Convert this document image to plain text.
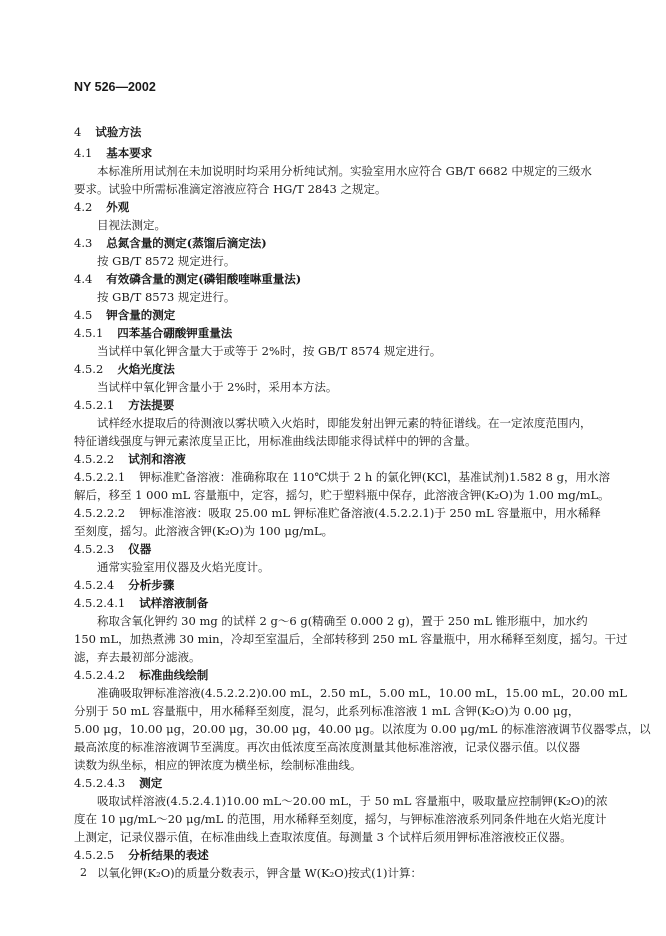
NY 526—2002
4 试验方法
4.1 基本要求
本标准所用试剂在未加说明时均采用分析纯试剂。实验室用水应符合 GB/T 6682 中规定的三级水
要求。试验中所需标准滴定溶液应符合 HG/T 2843 之规定。
4.2 外观
目视法测定。
4.3 总氮含量的测定(蒸馏后滴定法)
按 GB/T 8572 规定进行。
4.4 有效磷含量的测定(磷钼酸喹啉重量法)
按 GB/T 8573 规定进行。
4.5 钾含量的测定
4.5.1 四苯基合硼酸钾重量法
当试样中氧化钾含量大于或等于 2%时，按 GB/T 8574 规定进行。
4.5.2 火焰光度法
当试样中氧化钾含量小于 2%时，采用本方法。
4.5.2.1 方法提要
试样经水提取后的待测液以雾状喷入火焰时，即能发射出钾元素的特征谱线。在一定浓度范围内，
特征谱线强度与钾元素浓度呈正比，用标准曲线法即能求得试样中的钾的含量。
4.5.2.2 试剂和溶液
4.5.2.2.1 钾标准贮备溶液：准确称取在 110℃烘于 2 h 的氯化钾(KCl，基准试剂)1.582 8 g，用水溶
解后，移至 1 000 mL 容量瓶中，定容，摇匀，贮于塑料瓶中保存，此溶液含钾(K₂O)为 1.00 mg/mL。
4.5.2.2.2 钾标准溶液：吸取 25.00 mL 钾标准贮备溶液(4.5.2.2.1)于 250 mL 容量瓶中，用水稀释
至刻度，摇匀。此溶液含钾(K₂O)为 100 μg/mL。
4.5.2.3 仪器
通常实验室用仪器及火焰光度计。
4.5.2.4 分析步骤
4.5.2.4.1 试样溶液制备
称取含氧化钾约 30 mg 的试样 2 g～6 g(精确至 0.000 2 g)，置于 250 mL 锥形瓶中，加水约
150 mL，加热煮沸 30 min，冷却至室温后，全部转移到 250 mL 容量瓶中，用水稀释至刻度，摇匀。干过
滤，弃去最初部分滤液。
4.5.2.4.2 标准曲线绘制
准确吸取钾标准溶液(4.5.2.2.2)0.00 mL，2.50 mL，5.00 mL，10.00 mL，15.00 mL，20.00 mL
分别于 50 mL 容量瓶中，用水稀释至刻度，混匀，此系列标准溶液 1 mL 含钾(K₂O)为 0.00 μg，
5.00 μg，10.00 μg，20.00 μg，30.00 μg，40.00 μg。以浓度为 0.00 μg/mL 的标准溶液调节仪器零点，以
最高浓度的标准溶液调节至满度。再次由低浓度至高浓度测量其他标准溶液，记录仪器示值。以仪器
读数为纵坐标，相应的钾浓度为横坐标，绘制标准曲线。
4.5.2.4.3 测定
吸取试样溶液(4.5.2.4.1)10.00 mL～20.00 mL，于 50 mL 容量瓶中，吸取量应控制钾(K₂O)的浓
度在 10 μg/mL～20 μg/mL 的范围，用水稀释至刻度，摇匀，与钾标准溶液系列同条件地在火焰光度计
上测定，记录仪器示值，在标准曲线上查取浓度值。每测量 3 个试样后须用钾标准溶液校正仪器。
4.5.2.5 分析结果的表述
以氧化钾(K₂O)的质量分数表示，钾含量 W(K₂O)按式(1)计算：
2
